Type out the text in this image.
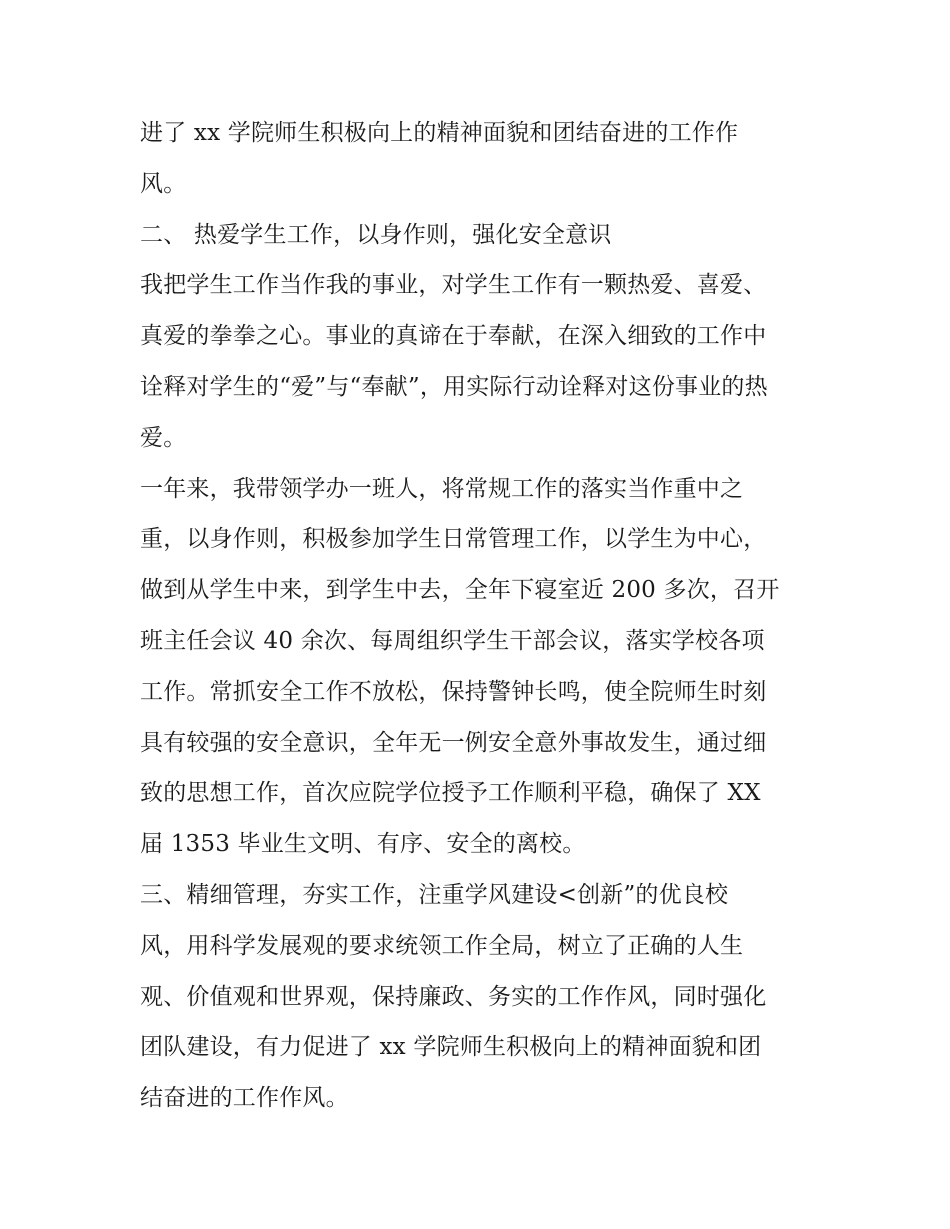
进了 xx 学院师生积极向上的精神面貌和团结奋进的工作作
风。
二、 热爱学生工作，以身作则，强化安全意识
我把学生工作当作我的事业，对学生工作有一颗热爱、喜爱、
真爱的拳拳之心。事业的真谛在于奉献，在深入细致的工作中
诠释对学生的“爱”与“奉献”，用实际行动诠释对这份事业的热
爱。
一年来，我带领学办一班人，将常规工作的落实当作重中之
重，以身作则，积极参加学生日常管理工作，以学生为中心，
做到从学生中来，到学生中去，全年下寝室近 200 多次，召开
班主任会议 40 余次、每周组织学生干部会议，落实学校各项
工作。常抓安全工作不放松，保持警钟长鸣，使全院师生时刻
具有较强的安全意识，全年无一例安全意外事故发生，通过细
致的思想工作，首次应院学位授予工作顺利平稳，确保了 XX
届 1353 毕业生文明、有序、安全的离校。
三、精细管理，夯实工作，注重学风建设<创新”的优良校
风，用科学发展观的要求统领工作全局，树立了正确的人生
观、价值观和世界观，保持廉政、务实的工作作风，同时强化
团队建设，有力促进了 xx 学院师生积极向上的精神面貌和团
结奋进的工作作风。
